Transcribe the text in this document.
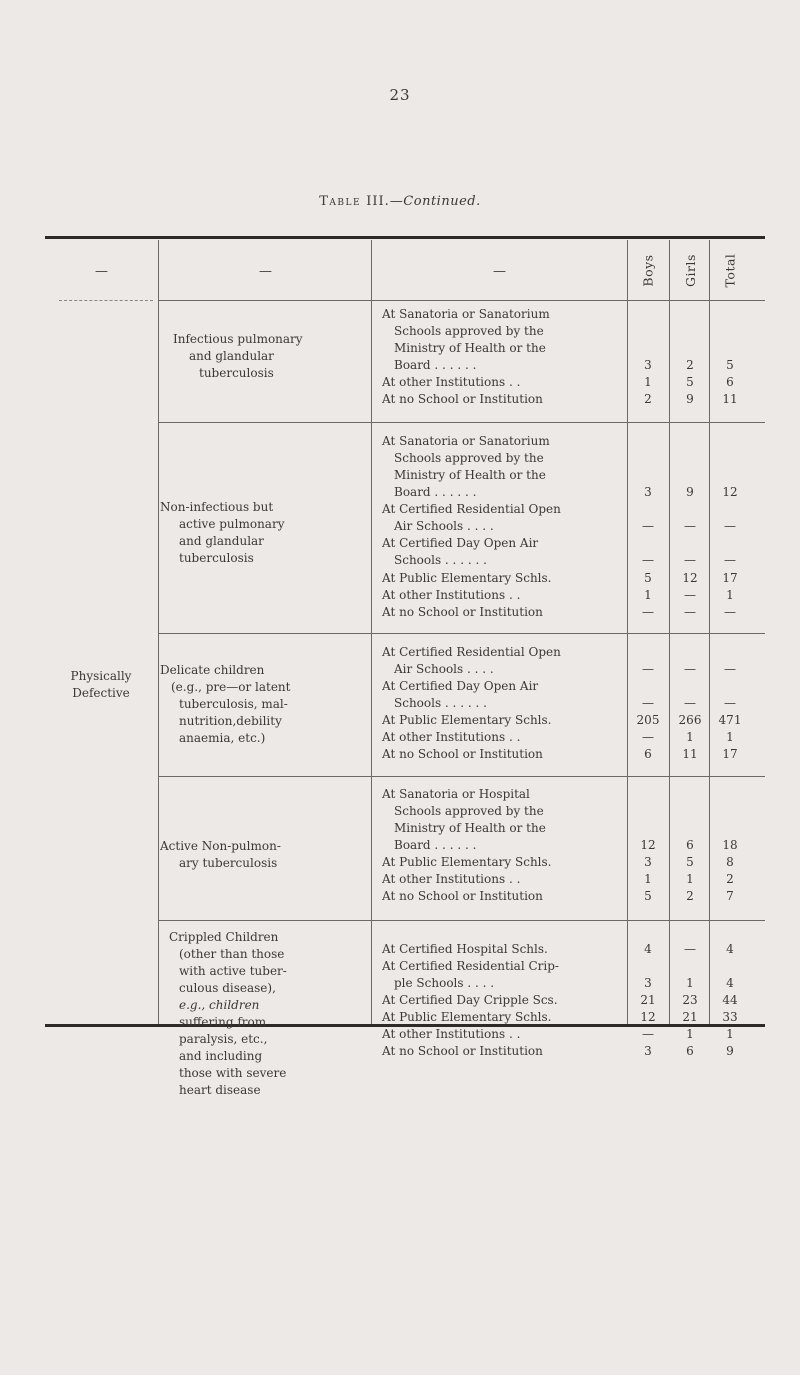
23
Table III.—Continued.
—	—	—	Boys Girls Total
Physically
Defective
Infectious pulmonary
and glandular
tuberculosis
At Sanatoria or Sanatorium
Schools approved by the
Ministry of Health or the
Board . . . . . .	3	2	5
At other Institutions . .	1	5	6
At no School or Institution	2	9	11
Non-infectious but
active pulmonary
and glandular
tuberculosis
At Sanatoria or Sanatorium
Schools approved by the
Ministry of Health or the
Board . . . . . .	3	9	12
At Certified Residential Open
Air Schools . . . .	—	—	—
At Certified Day Open Air
Schools . . . . . .	—	—	—
At Public Elementary Schls.	5	12	17
At other Institutions . .	1	—	1
At no School or Institution	—	—	—
Delicate children
(e.g., pre—or latent
tuberculosis, mal-
nutrition,debility
anaemia, etc.)
At Certified Residential Open
Air Schools . . . .	—	—	—
At Certified Day Open Air
Schools . . . . . .	—	—	—
At Public Elementary Schls.	205	266	471
At other Institutions . .	—	1	1
At no School or Institution	6	11	17
Active Non-pulmon-
ary tuberculosis
At Sanatoria or Hospital
Schools approved by the
Ministry of Health or the
Board . . . . . .	12	6	18
At Public Elementary Schls.	3	5	8
At other Institutions . .	1	1	2
At no School or Institution	5	2	7
Crippled Children
(other than those
with active tuber-
culous disease),
e.g., children
suffering from
paralysis, etc.,
and including
those with severe
heart disease
At Certified Hospital Schls.	4	—	4
At Certified Residential Crip-
ple Schools . . . .	3	1	4
At Certified Day Cripple Scs.	21	23	44
At Public Elementary Schls.	12	21	33
At other Institutions . .	—	1	1
At no School or Institution	3	6	9
